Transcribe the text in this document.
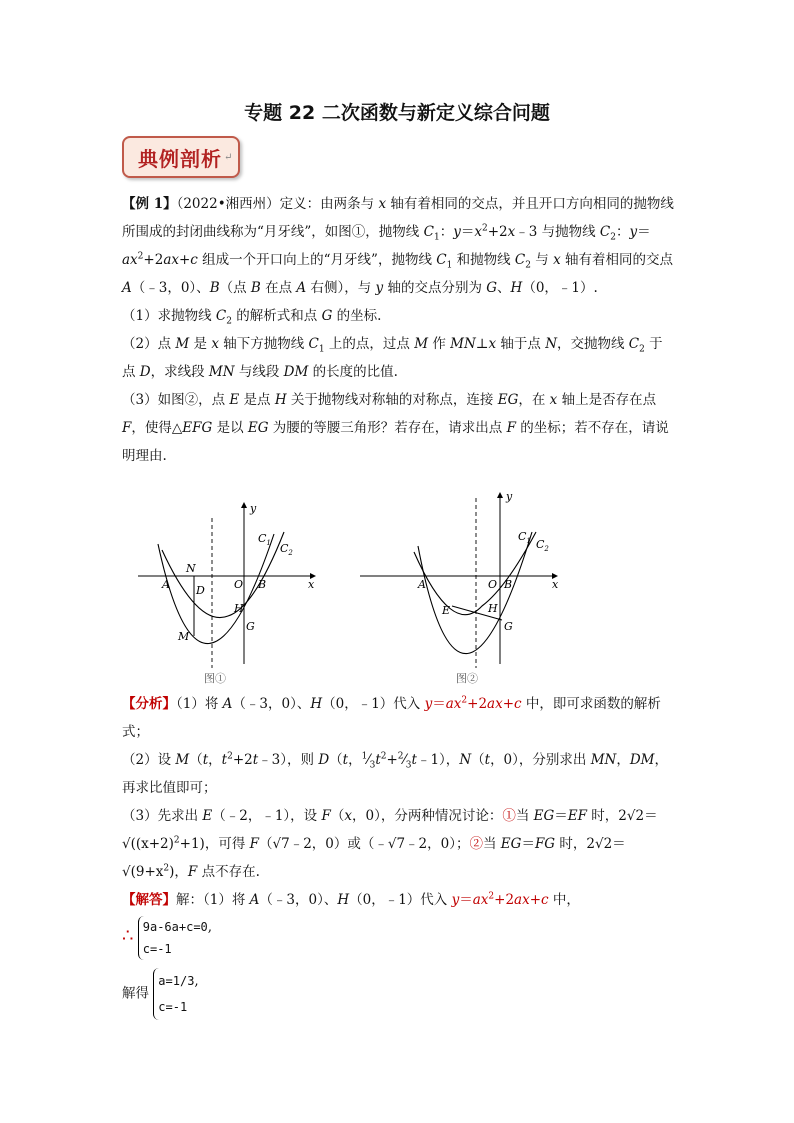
专题 22 二次函数与新定义综合问题
典例剖析 ↵

【例 1】（2022•湘西州）定义：由两条与 x 轴有着相同的交点，并且开口方向相同的抛物线所围成的封闭曲线称为“月牙线”，如图①，抛物线 $C_1$：$y=x^2+2x﹣3$ 与抛物线 $C_2$：$y=ax^2+2ax+c$ 组成一个开口向上的“月牙线”，抛物线 $C_1$ 和抛物线 $C_2$ 与 x 轴有着相同的交点 A（﹣3，0）、B（点 B 在点 A 右侧），与 y 轴的交点分别为 G、H（0，﹣1）.

（1）求抛物线 $C_2$ 的解析式和点 G 的坐标.

（2）点 M 是 x 轴下方抛物线 $C_1$ 上的点，过点 M 作 MN⊥x 轴于点 N，交抛物线 $C_2$ 于点 D，求线段 MN 与线段 DM 的长度的比值.

（3）如图②，点 E 是点 H 关于抛物线对称轴的对称点，连接 EG，在 x 轴上是否存在点 F，使得△EFG 是以 EG 为腰的等腰三角形？若存在，请求出点 F 的坐标；若不存在，请说明理由.

y
x
$C_1$ $C_2$
A
N
D	O B
H
G
M
图①
y
x
$C_1$ $C_2$
A	O B
E	H
G
图②

【分析】（1）将 A（﹣3，0）、H（0，﹣1）代入 $y=ax^2+2ax+c$ 中，即可求函数的解析式；

（2）设 M（t，$t^2+2t﹣3$），则 D（t，$^1⁄_3t^2+^2⁄_3t﹣1$），N（t，0），分别求出 MN，DM，再求比值即可；

（3）先求出 E（﹣2，﹣1），设 F（x，0），分两种情况讨论：①当 EG＝EF 时，$2√2=√((x+2)^2+1)$，可得 F（√7﹣2，0）或（﹣√7﹣2，0）；②当 EG＝FG 时，$2√2=√(9+x^2)$，F 点不存在.

【解答】解：（1）将 A（﹣3，0）、H（0，﹣1）代入 $y=ax^2+2ax+c$ 中，

∴ 9a-6a+c=0,
c=-1
解得 a=1/3,
c=-1
